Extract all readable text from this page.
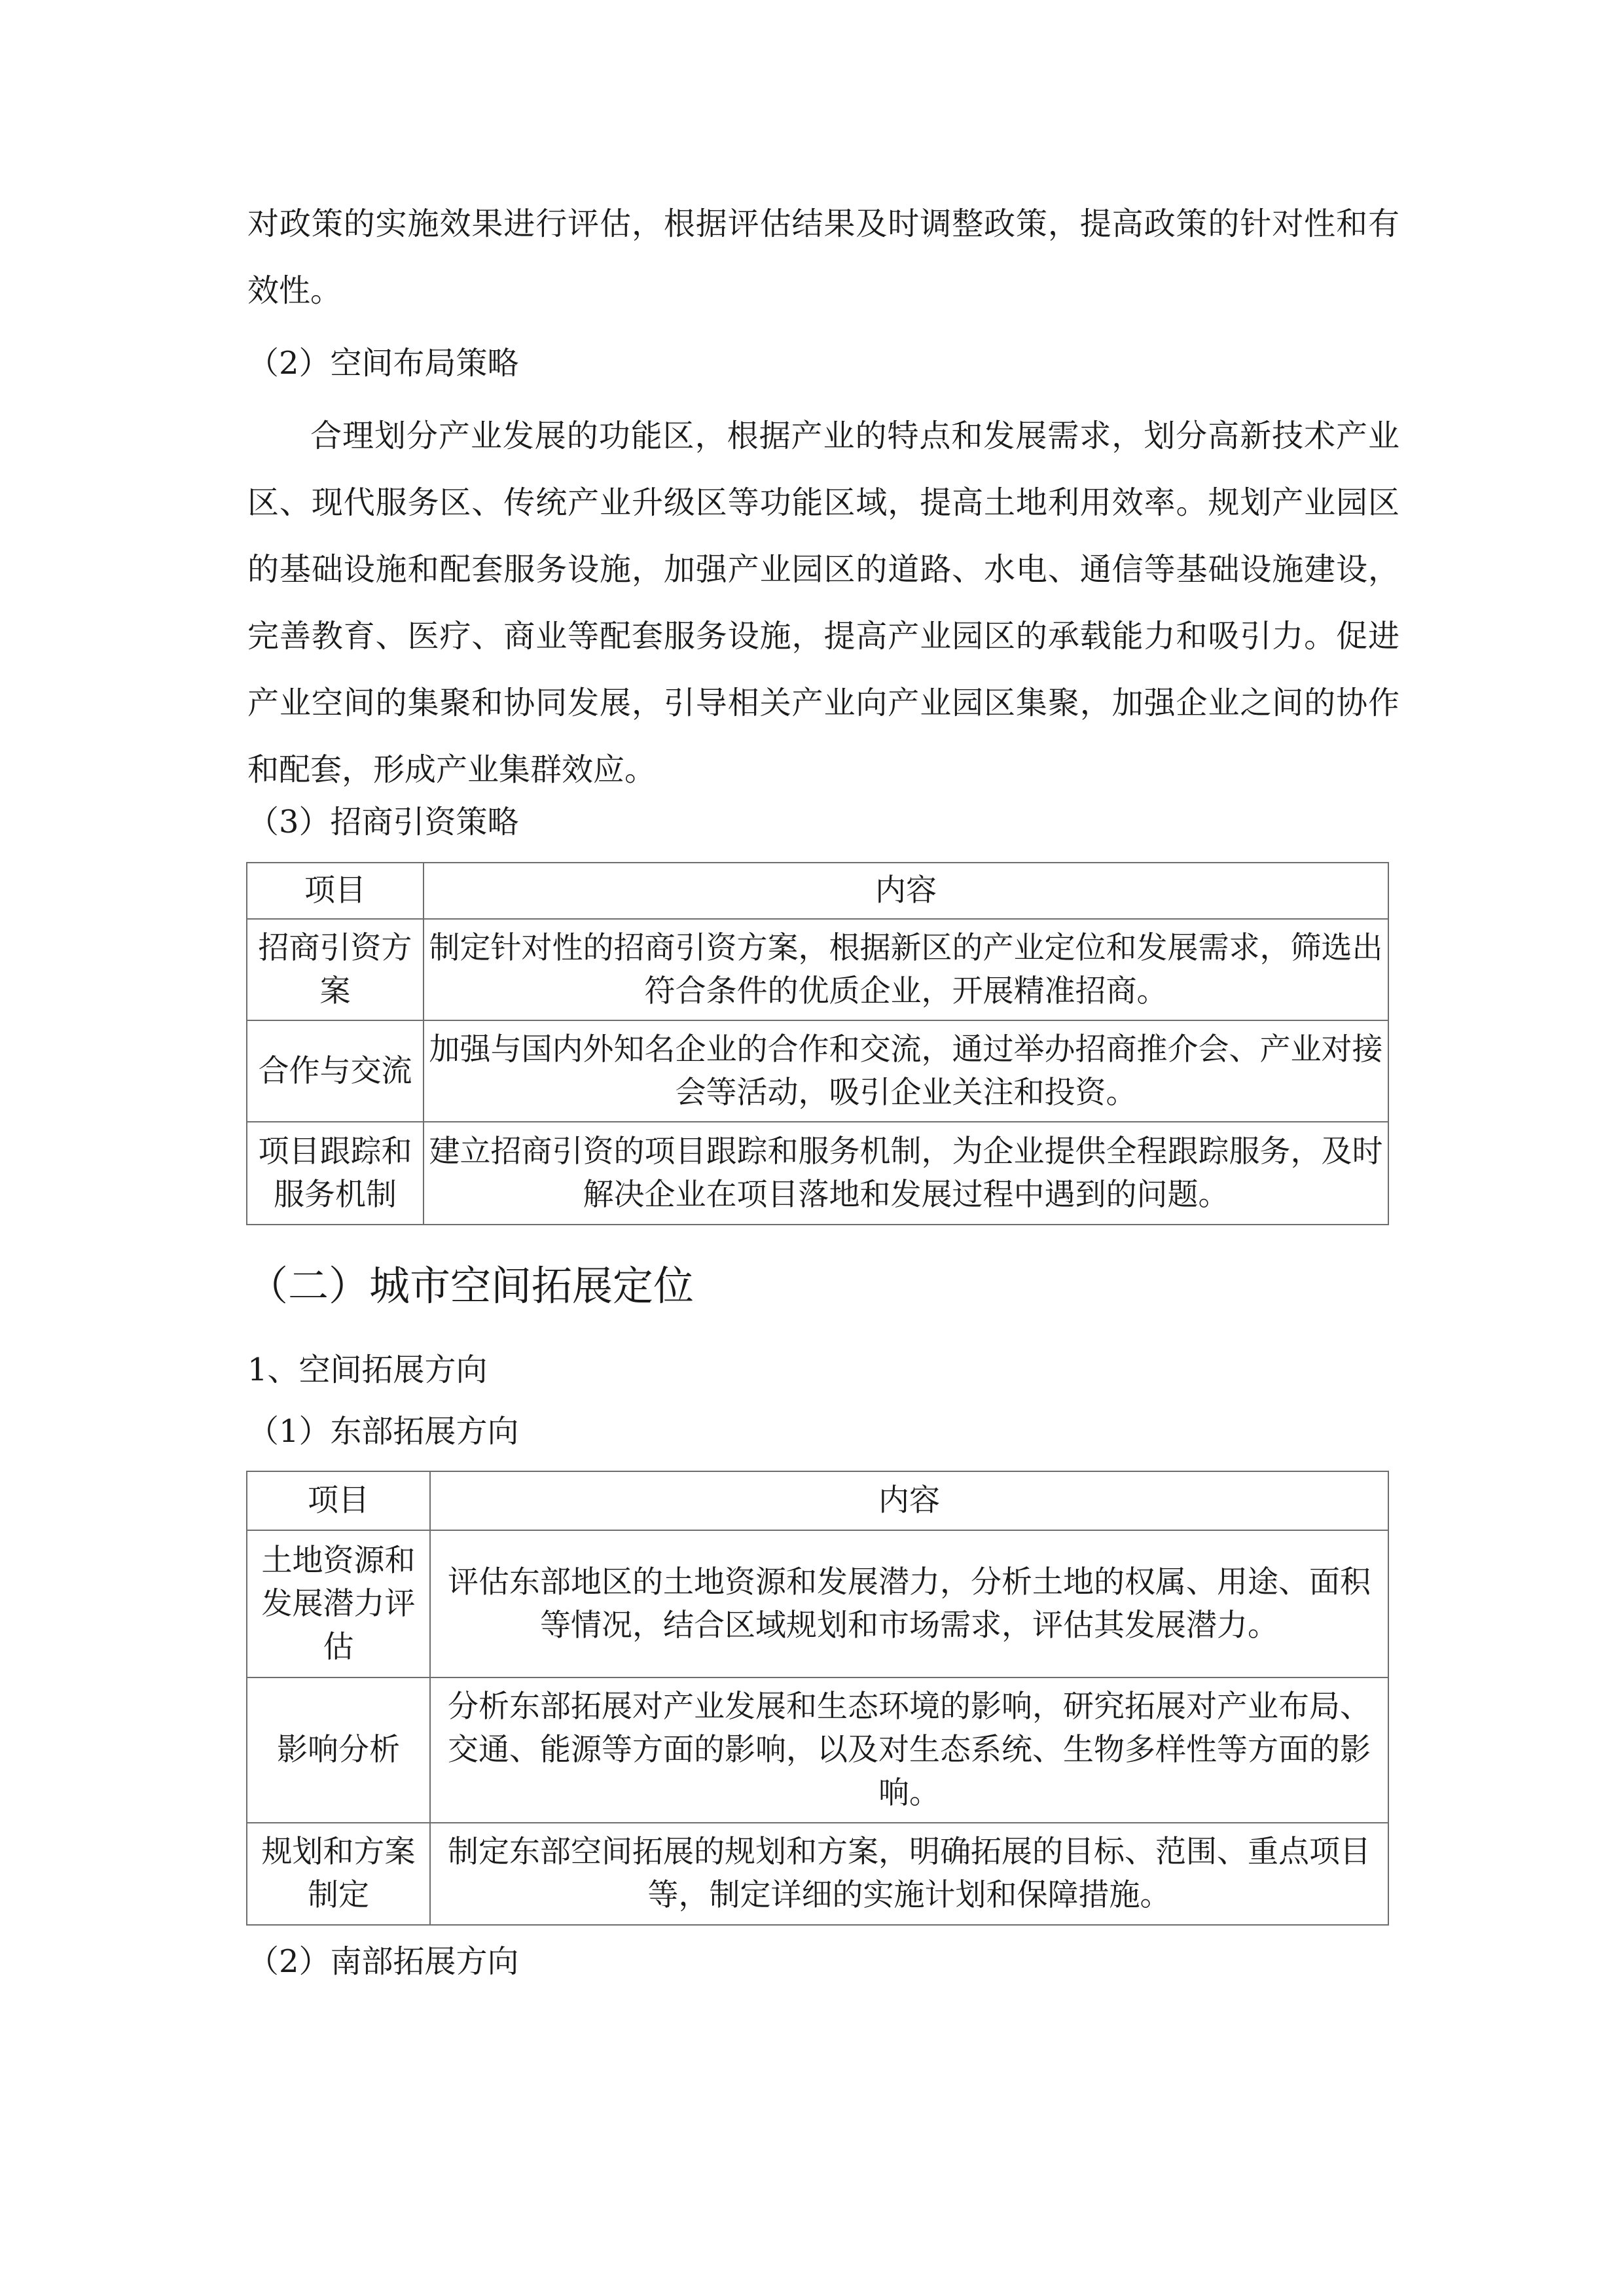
对政策的实施效果进行评估，根据评估结果及时调整政策，提高政策的针对性和有效性。

（2）空间布局策略

合理划分产业发展的功能区，根据产业的特点和发展需求，划分高新技术产业区、现代服务区、传统产业升级区等功能区域，提高土地利用效率。规划产业园区的基础设施和配套服务设施，加强产业园区的道路、水电、通信等基础设施建设，完善教育、医疗、商业等配套服务设施，提高产业园区的承载能力和吸引力。促进产业空间的集聚和协同发展，引导相关产业向产业园区集聚，加强企业之间的协作和配套，形成产业集群效应。

（3）招商引资策略

项目	内容
招商引资方案	制定针对性的招商引资方案，根据新区的产业定位和发展需求，筛选出符合条件的优质企业，开展精准招商。
合作与交流	加强与国内外知名企业的合作和交流，通过举办招商推介会、产业对接会等活动，吸引企业关注和投资。
项目跟踪和服务机制	建立招商引资的项目跟踪和服务机制，为企业提供全程跟踪服务，及时解决企业在项目落地和发展过程中遇到的问题。

（二）城市空间拓展定位

1、空间拓展方向

（1）东部拓展方向

项目	内容
土地资源和发展潜力评估	评估东部地区的土地资源和发展潜力，分析土地的权属、用途、面积等情况，结合区域规划和市场需求，评估其发展潜力。
影响分析	分析东部拓展对产业发展和生态环境的影响，研究拓展对产业布局、交通、能源等方面的影响，以及对生态系统、生物多样性等方面的影响。
规划和方案制定	制定东部空间拓展的规划和方案，明确拓展的目标、范围、重点项目等，制定详细的实施计划和保障措施。

（2）南部拓展方向
